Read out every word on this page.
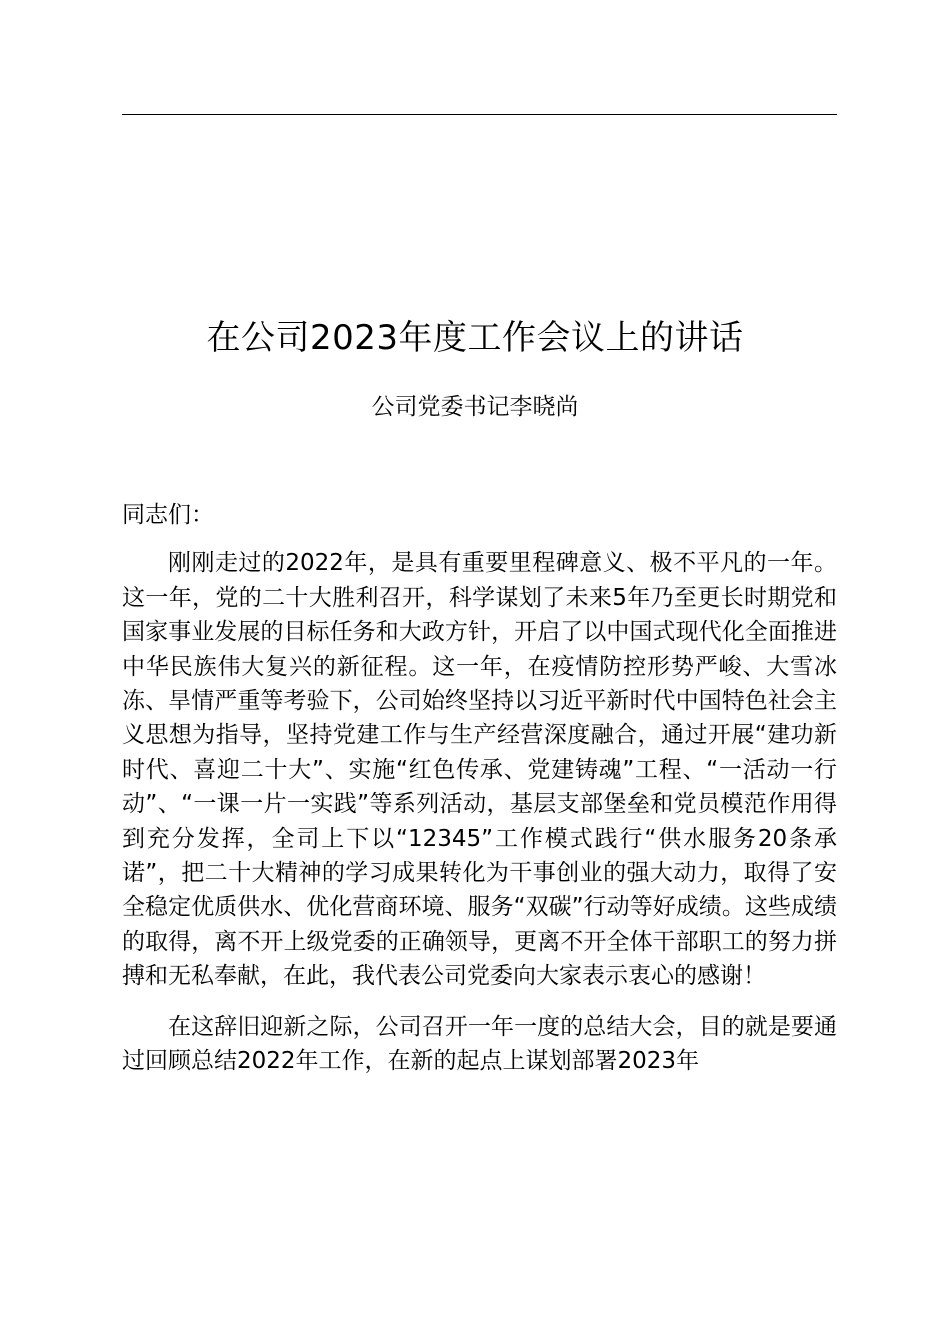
在公司2023年度工作会议上的讲话
公司党委书记李晓尚

同志们：

刚刚走过的2022年，是具有重要里程碑意义、极不平凡的一年。这一年，党的二十大胜利召开，科学谋划了未来5年乃至更长时期党和国家事业发展的目标任务和大政方针，开启了以中国式现代化全面推进中华民族伟大复兴的新征程。这一年，在疫情防控形势严峻、大雪冰冻、旱情严重等考验下，公司始终坚持以习近平新时代中国特色社会主义思想为指导，坚持党建工作与生产经营深度融合，通过开展“建功新时代、喜迎二十大”、实施“红色传承、党建铸魂”工程、“一活动一行动”、“一课一片一实践”等系列活动，基层支部堡垒和党员模范作用得到充分发挥，全司上下以“12345”工作模式践行“供水服务20条承诺”，把二十大精神的学习成果转化为干事创业的强大动力，取得了安全稳定优质供水、优化营商环境、服务“双碳”行动等好成绩。这些成绩的取得，离不开上级党委的正确领导，更离不开全体干部职工的努力拼搏和无私奉献，在此，我代表公司党委向大家表示衷心的感谢！

在这辞旧迎新之际，公司召开一年一度的总结大会，目的就是要通过回顾总结2022年工作，在新的起点上谋划部署2023年
